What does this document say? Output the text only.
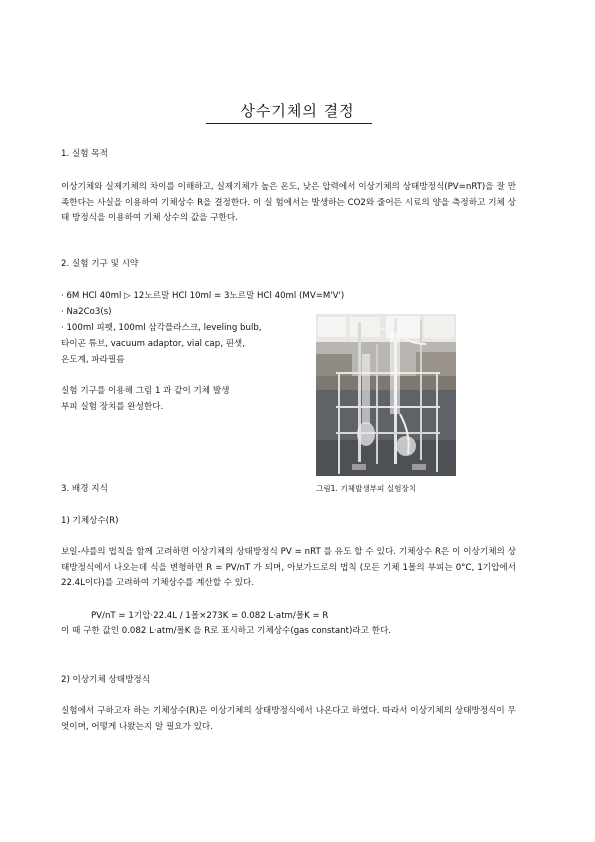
상수기체의 결정
1. 실험 목적

이상기체와 실제기체의 차이를 이해하고, 실제기체가 높은 온도, 낮은 압력에서 이상기체의 상태방정식(PV=nRT)을 잘 만족한다는 사실을 이용하여 기체상수 R을 결정한다. 이 실 험에서는 발생하는 CO2와 줄어든 시료의 양을 측정하고 기체 상태 방정식을 이용하여 기체 상수의 값을 구한다.

2. 실험 기구 및 시약
· 6M HCl 40ml ▷ 12노르말 HCl 10ml = 3노르말 HCl 40ml (MV=M'V')
· Na2Co3(s)
· 100ml 피펫, 100ml 삼각플라스크, leveling bulb,
타이곤 튜브, vacuum adaptor, vial cap, 핀셋,
온도계, 파라필름
실험 기구를 이용해 그림 1 과 같이 기체 발생
부피 실험 장치를 완성한다.
3. 배경 지식	그림1. 기체발생부피 실험장치
1) 기체상수(R)

보일-샤를의 법칙을 함께 고려하면 이상기체의 상태방정식 PV = nRT 를 유도 할 수 있다. 기체상수 R은 이 이상기체의 상태방정식에서 나오는데 식을 변형하면 R = PV/nT 가 되며, 아보가드로의 법칙 (모든 기체 1몰의 부피는 0°C, 1기압에서 22.4L이다)를 고려하여 기체상수를 계산할 수 있다.

PV/nT = 1기압·22.4L / 1몰×273K = 0.082 L·atm/몰K = R
이 때 구한 값인 0.082 L·atm/몰K 을 R로 표시하고 기체상수(gas constant)라고 한다.
2) 이상기체 상태방정식

실험에서 구하고자 하는 기체상수(R)은 이상기체의 상태방정식에서 나온다고 하였다. 따라서 이상기체의 상태방정식이 무엇이며, 어떻게 나왔는지 알 필요가 있다.
